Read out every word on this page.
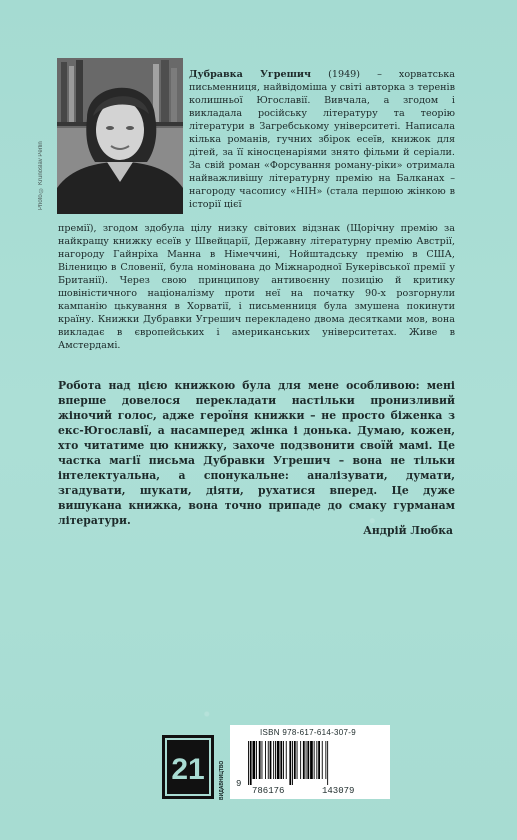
Photo © Krunoslav Perlin
Дубравка Угрешич (1949) – хорватська письменниця, найвідоміша у світі авторка з теренів колишньої Югославії. Вивчала, а згодом і викладала російську літературу та теорію літератури в Загребському університеті. Написала кілька романів, гучних збірок есеїв, книжок для дітей, за її кіносценаріями знято фільми й серіали. За свій роман «Форсування роману-ріки» отримала найважливішу літературну премію на Балканах – нагороду часопису «НІН» (стала першою жінкою в історії цієї
премії), згодом здобула цілу низку світових відзнак (Щорічну премію за найкращу книжку есеїв у Швейцарії, Державну літературну премію Австрії, нагороду Гайнріха Манна в Німеччині, Нойштадську премію в США, Віленицю в Словенії, була номінована до Міжнародної Букерівської премії у Британії). Через свою принципову антивоєнну позицію й критику шовіністичного націоналізму проти неї на початку 90-х розгорнули кампанію цькування в Хорватії, і письменниця була змушена покинути країну. Книжки Дубравки Угрешич перекладено двома десятками мов, вона викладає в європейських і американських університетах. Живе в Амстердамі.
Робота над цією книжкою була для мене особливою: мені вперше довелося перекладати настільки пронизливий жіночий голос, адже героїня книжки – не просто біженка з екс-Югославії, а насамперед жінка і донька. Думаю, кожен, хто читатиме цю книжку, захоче подзвонити своїй мамі. Це частка магії письма Дубравки Угрешич – вона не тільки інтелектуальна, а спонукальне: аналізувати, думати, згадувати, шукати, діяти, рухатися вперед. Це дуже вишукана книжка, вона точно припаде до смаку гурманам літератури.
Андрій Любка
21	ВИДАВНИЦТВО
ISBN 978-617-614-307-9
9
786176	143079
